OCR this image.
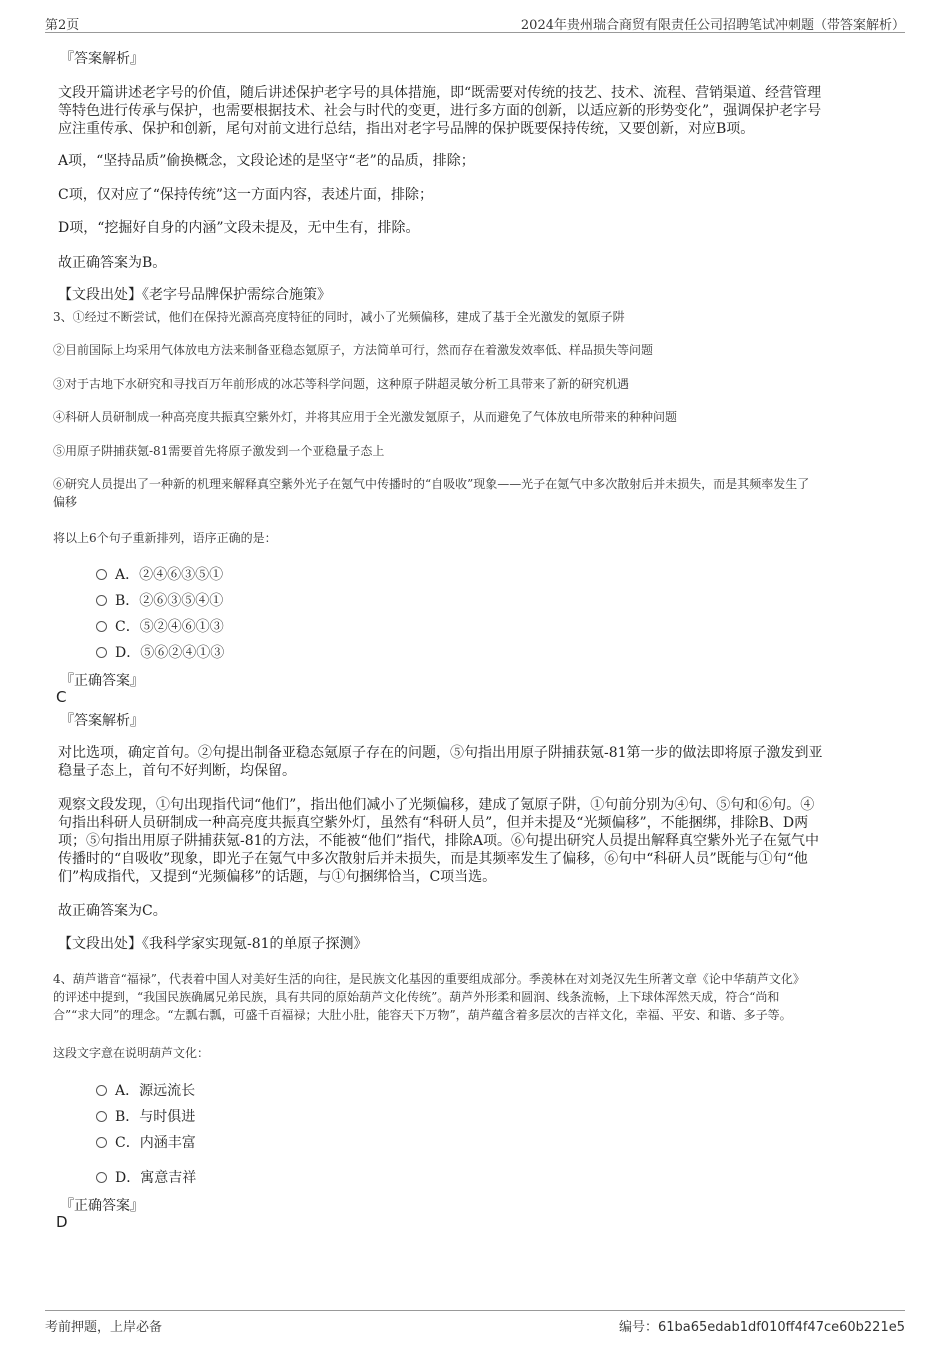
第2页	2024年贵州瑞合商贸有限责任公司招聘笔试冲刺题（带答案解析）
『答案解析』
文段开篇讲述老字号的价值，随后讲述保护老字号的具体措施，即“既需要对传统的技艺、技术、流程、营销渠道、经营管理
等特色进行传承与保护，也需要根据技术、社会与时代的变更，进行多方面的创新，以适应新的形势变化”，强调保护老字号
应注重传承、保护和创新，尾句对前文进行总结，指出对老字号品牌的保护既要保持传统，又要创新，对应B项。
A项，“坚持品质”偷换概念，文段论述的是坚守“老”的品质，排除；
C项，仅对应了“保持传统”这一方面内容，表述片面，排除；
D项，“挖掘好自身的内涵”文段未提及，无中生有，排除。
故正确答案为B。
【文段出处】《老字号品牌保护需综合施策》
3、①经过不断尝试，他们在保持光源高亮度特征的同时，减小了光频偏移，建成了基于全光激发的氪原子阱
②目前国际上均采用气体放电方法来制备亚稳态氪原子，方法简单可行，然而存在着激发效率低、样品损失等问题
③对于古地下水研究和寻找百万年前形成的冰芯等科学问题，这种原子阱超灵敏分析工具带来了新的研究机遇
④科研人员研制成一种高亮度共振真空紫外灯，并将其应用于全光激发氪原子，从而避免了气体放电所带来的种种问题
⑤用原子阱捕获氪-81需要首先将原子激发到一个亚稳量子态上
⑥研究人员提出了一种新的机理来解释真空紫外光子在氪气中传播时的“自吸收”现象——光子在氪气中多次散射后并未损失，而是其频率发生了
偏移
将以上6个句子重新排列，语序正确的是：
A．②④⑥③⑤①
B．②⑥③⑤④①
C．⑤②④⑥①③
D．⑤⑥②④①③
『正确答案』
C
『答案解析』
对比选项，确定首句。②句提出制备亚稳态氪原子存在的问题，⑤句指出用原子阱捕获氪-81第一步的做法即将原子激发到亚
稳量子态上，首句不好判断，均保留。
观察文段发现，①句出现指代词“他们”，指出他们减小了光频偏移，建成了氪原子阱，①句前分别为④句、⑤句和⑥句。④
句指出科研人员研制成一种高亮度共振真空紫外灯，虽然有“科研人员”，但并未提及“光频偏移”，不能捆绑，排除B、D两
项；⑤句指出用原子阱捕获氪-81的方法，不能被“他们”指代，排除A项。⑥句提出研究人员提出解释真空紫外光子在氪气中
传播时的“自吸收”现象，即光子在氪气中多次散射后并未损失，而是其频率发生了偏移，⑥句中“科研人员”既能与①句“他
们”构成指代，又提到“光频偏移”的话题，与①句捆绑恰当，C项当选。
故正确答案为C。
【文段出处】《我科学家实现氪-81的单原子探测》
4、葫芦谐音“福禄”，代表着中国人对美好生活的向往，是民族文化基因的重要组成部分。季羡林在对刘尧汉先生所著文章《论中华葫芦文化》
的评述中提到，“我国民族确属兄弟民族，具有共同的原始葫芦文化传统”。葫芦外形柔和圆润、线条流畅，上下球体浑然天成，符合“尚和
合”“求大同”的理念。“左瓢右瓢，可盛千百福禄；大肚小肚，能容天下万物”，葫芦蕴含着多层次的吉祥文化，幸福、平安、和谐、多子等。
这段文字意在说明葫芦文化：
A．源远流长
B．与时俱进
C．内涵丰富
D．寓意吉祥
『正确答案』
D
考前押题，上岸必备	编号：61ba65edab1df010ff4f47ce60b221e5
